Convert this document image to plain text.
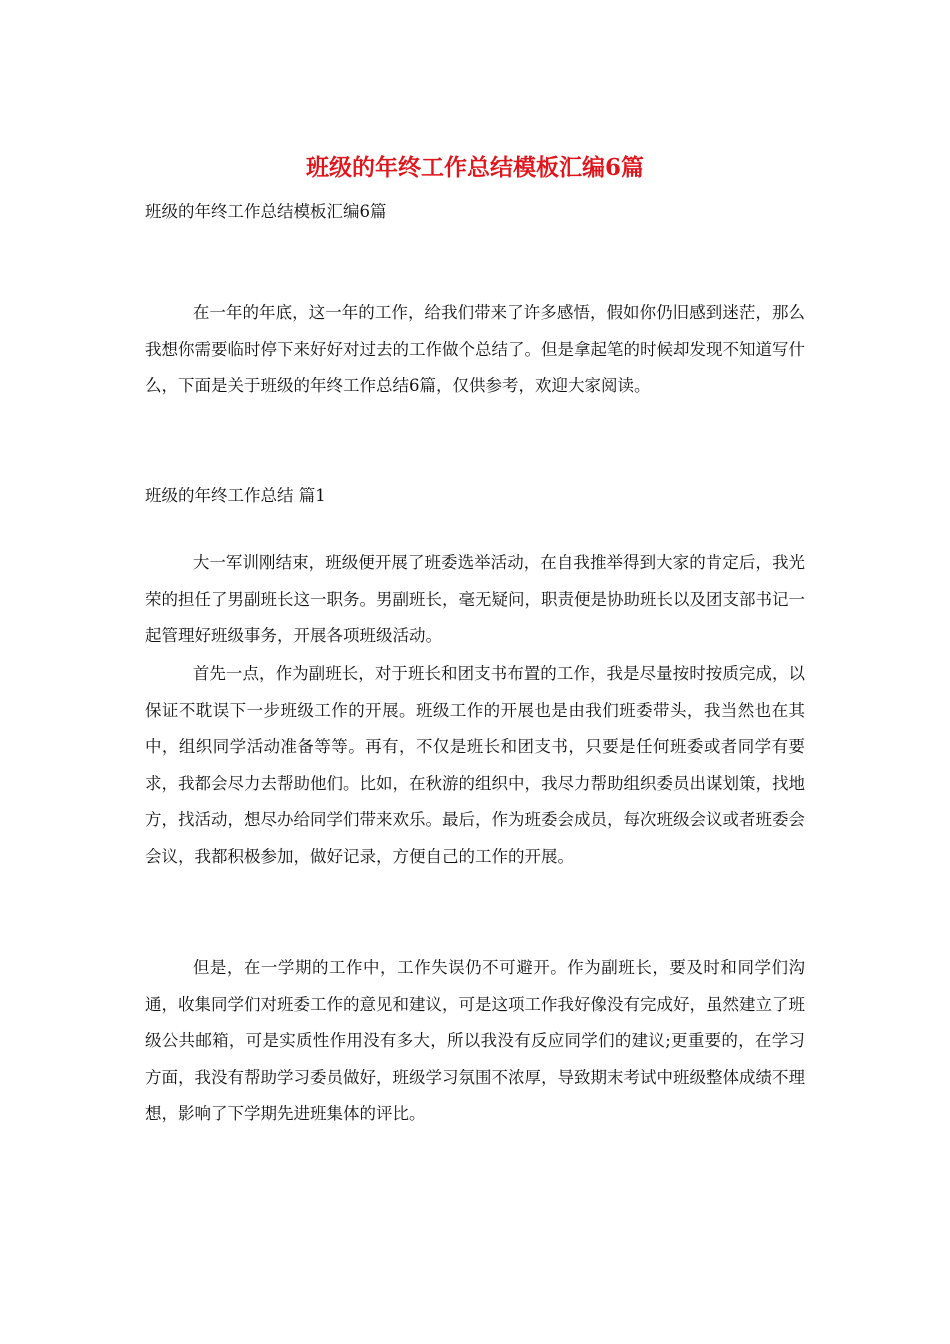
班级的年终工作总结模板汇编6篇
班级的年终工作总结模板汇编6篇

在一年的年底，这一年的工作，给我们带来了许多感悟，假如你仍旧感到迷茫，那么我想你需要临时停下来好好对过去的工作做个总结了。但是拿起笔的时候却发现不知道写什么，下面是关于班级的年终工作总结6篇，仅供参考，欢迎大家阅读。

班级的年终工作总结 篇1

大一军训刚结束，班级便开展了班委选举活动，在自我推举得到大家的肯定后，我光荣的担任了男副班长这一职务。男副班长，毫无疑问，职责便是协助班长以及团支部书记一起管理好班级事务，开展各项班级活动。

首先一点，作为副班长，对于班长和团支书布置的工作，我是尽量按时按质完成，以保证不耽误下一步班级工作的开展。班级工作的开展也是由我们班委带头，我当然也在其中，组织同学活动准备等等。再有，不仅是班长和团支书，只要是任何班委或者同学有要求，我都会尽力去帮助他们。比如，在秋游的组织中，我尽力帮助组织委员出谋划策，找地方，找活动，想尽办给同学们带来欢乐。最后，作为班委会成员，每次班级会议或者班委会会议，我都积极参加，做好记录，方便自己的工作的开展。

但是，在一学期的工作中，工作失误仍不可避开。作为副班长，要及时和同学们沟通，收集同学们对班委工作的意见和建议，可是这项工作我好像没有完成好，虽然建立了班级公共邮箱，可是实质性作用没有多大，所以我没有反应同学们的建议;更重要的，在学习方面，我没有帮助学习委员做好，班级学习氛围不浓厚，导致期末考试中班级整体成绩不理想，影响了下学期先进班集体的评比。
